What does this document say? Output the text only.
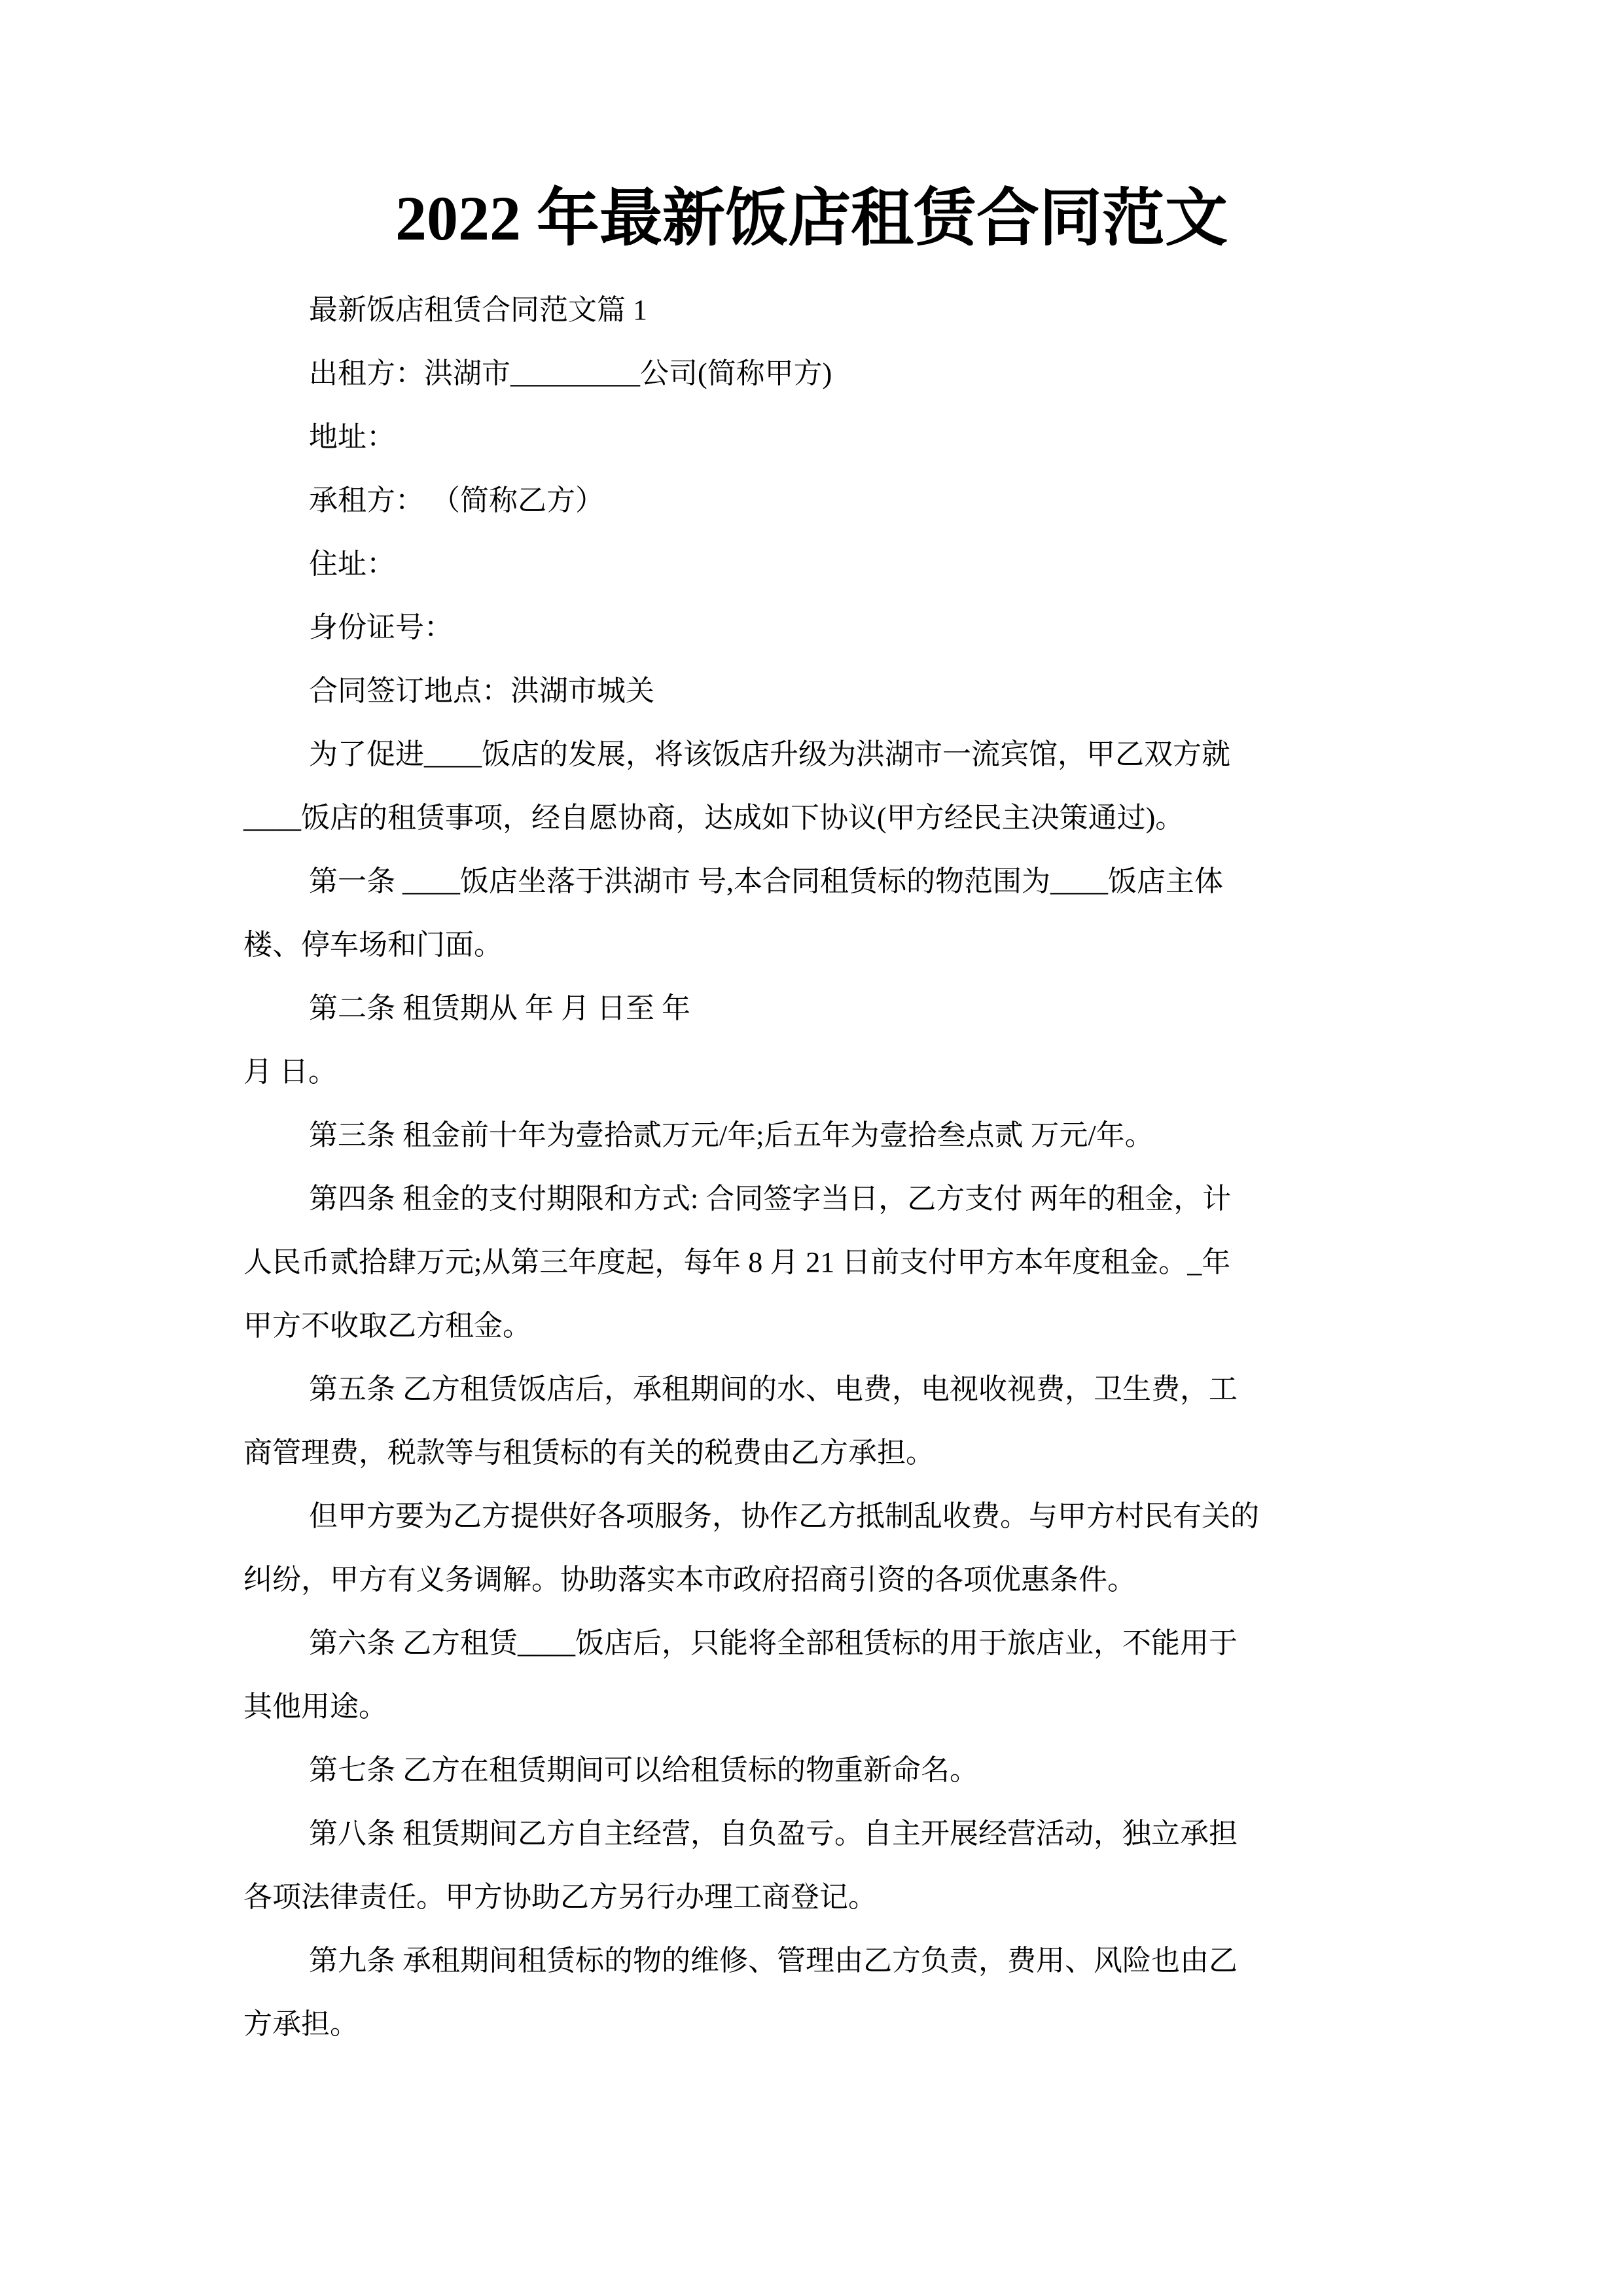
2022 年最新饭店租赁合同范文
最新饭店租赁合同范文篇 1
出租方：洪湖市_________公司(简称甲方)
地址：
承租方： （简称乙方）
住址：
身份证号：
合同签订地点：洪湖市城关
为了促进____饭店的发展，将该饭店升级为洪湖市一流宾馆，甲乙双方就
____饭店的租赁事项，经自愿协商，达成如下协议(甲方经民主决策通过)。
第一条 ____饭店坐落于洪湖市 号,本合同租赁标的物范围为____饭店主体
楼、停车场和门面。
第二条 租赁期从 年 月 日至 年
月 日。
第三条 租金前十年为壹拾贰万元/年;后五年为壹拾叁点贰 万元/年。
第四条 租金的支付期限和方式: 合同签字当日，乙方支付 两年的租金，计
人民币贰拾肆万元;从第三年度起，每年 8 月 21 日前支付甲方本年度租金。_年
甲方不收取乙方租金。
第五条 乙方租赁饭店后，承租期间的水、电费，电视收视费，卫生费，工
商管理费，税款等与租赁标的有关的税费由乙方承担。
但甲方要为乙方提供好各项服务，协作乙方抵制乱收费。与甲方村民有关的
纠纷，甲方有义务调解。协助落实本市政府招商引资的各项优惠条件。
第六条 乙方租赁____饭店后，只能将全部租赁标的用于旅店业，不能用于
其他用途。
第七条 乙方在租赁期间可以给租赁标的物重新命名。
第八条 租赁期间乙方自主经营，自负盈亏。自主开展经营活动，独立承担
各项法律责任。甲方协助乙方另行办理工商登记。
第九条 承租期间租赁标的物的维修、管理由乙方负责，费用、风险也由乙
方承担。
